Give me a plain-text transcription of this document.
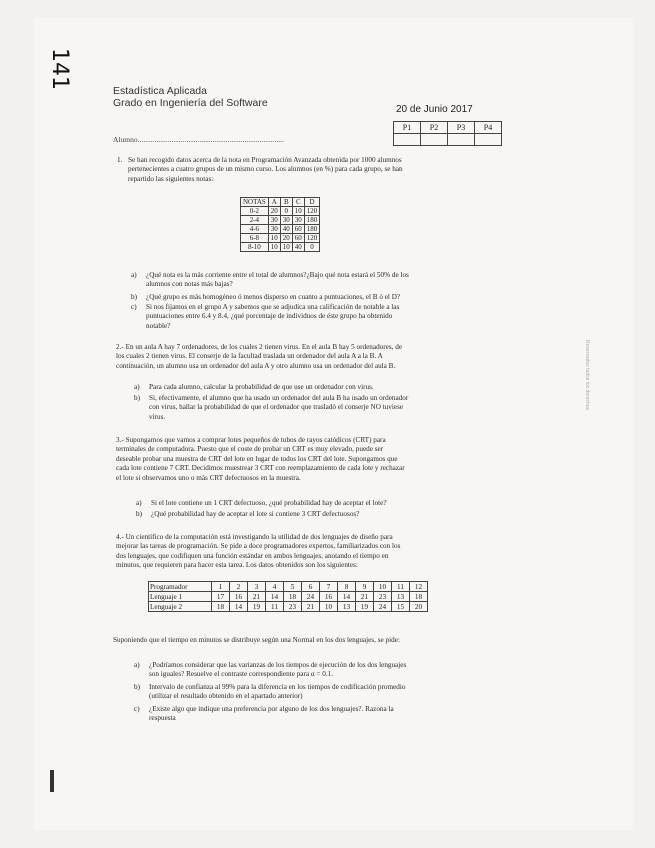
141
Estadística Aplicada
Grado en Ingeniería del Software
20 de Junio 2017
P1	P2	P3	P4

Alumno..............................................................................
1. Se han recogido datos acerca de la nota en Programación Avanzada obtenida por 1000 alumnos
pertenecientes a cuatro grupos de un mismo curso. Los alumnos (en %) para cada grupo, se han
repartido las siguientes notas:
NOTAS	A	B	C	D
0-2	20	0	10	120
2-4	30	30	30	180
4-6	30	40	60	180
6-8	10	20	60	120
8-10	10	10	40	0
a) ¿Qué nota es la más corriente entre el total de alumnos?¿Bajo qué nota estará el 50% de los
alumnos con notas más bajas?
b) ¿Qué grupo es más homogéneo ó menos disperso en cuanto a puntuaciones, el B ó el D?
c) Si nos fijamos en el grupo A y sabemos que se adjudica una calificación de notable a las
puntuaciones entre 6.4 y 8.4, ¿qué porcentaje de individuos de éste grupo ha obtenido
notable?
2.- En un aula A hay 7 ordenadores, de los cuales 2 tienen virus. En el aula B hay 5 ordenadores, de
los cuales 2 tienen virus. El conserje de la facultad traslada un ordenador del aula A a la B. A
continuación, un alumno usa un ordenador del aula A y otro alumno usa un ordenador del aula B.
a) Para cada alumno, calcular la probabilidad de que use un ordenador con virus.
b) Si, efectivamente, el alumno que ha usado un ordenador del aula B ha usado un ordenador
con virus, hallar la probabilidad de que el ordenador que trasladó el conserje NO tuviese
virus.
3.- Supongamos que vamos a comprar lotes pequeños de tubos de rayos catódicos (CRT) para
terminales de computadora. Puesto que el coste de probar un CRT es muy elevado, puede ser
deseable probar una muestra de CRT del lote en lugar de todos los CRT del lote. Supongamos que
cada lote contiene 7 CRT. Decidimos muestrear 3 CRT con reemplazamiento de cada lote y rechazar
el lote si observamos uno o más CRT defectuosos en la muestra.
a) Si el lote contiene un 1 CRT defectuoso, ¿qué probabilidad hay de aceptar el lote?
b) ¿Qué probabilidad hay de aceptar el lote si contiene 3 CRT defectuosos?
4.- Un científico de la computación está investigando la utilidad de dos lenguajes de diseño para
mejorar las tareas de programación. Se pide a doce programadores expertos, familiarizados con los
dos lenguajes, que codifiquen una función estándar en ambos lenguajes, anotando el tiempo en
minutos, que requieren para hacer esta tarea. Los datos obtenidos son los siguientes:
Programador	1	2	3	4	5	6	7	8	9	10	11	12
Lenguaje 1	17	16	21	14	18	24	16	14	21	23	13	18
Lenguaje 2	18	14	19	11	23	21	10	13	19	24	15	20
Suponiendo que el tiempo en minutos se distribuye según una Normal en los dos lenguajes, se pide:
a) ¿Podríamos considerar que las varianzas de los tiempos de ejecución de los dos lenguajes
son iguales? Resuelve el contraste correspondiente para α = 0.1.
b) Intervalo de confianza al 99% para la diferencia en los tiempos de codificación promedio
(utilizar el resultado obtenido en el apartado anterior)
c) ¿Existe algo que indique una preferencia por alguno de los dos lenguajes?. Razona la
respuesta
Reservados todos los derechos
